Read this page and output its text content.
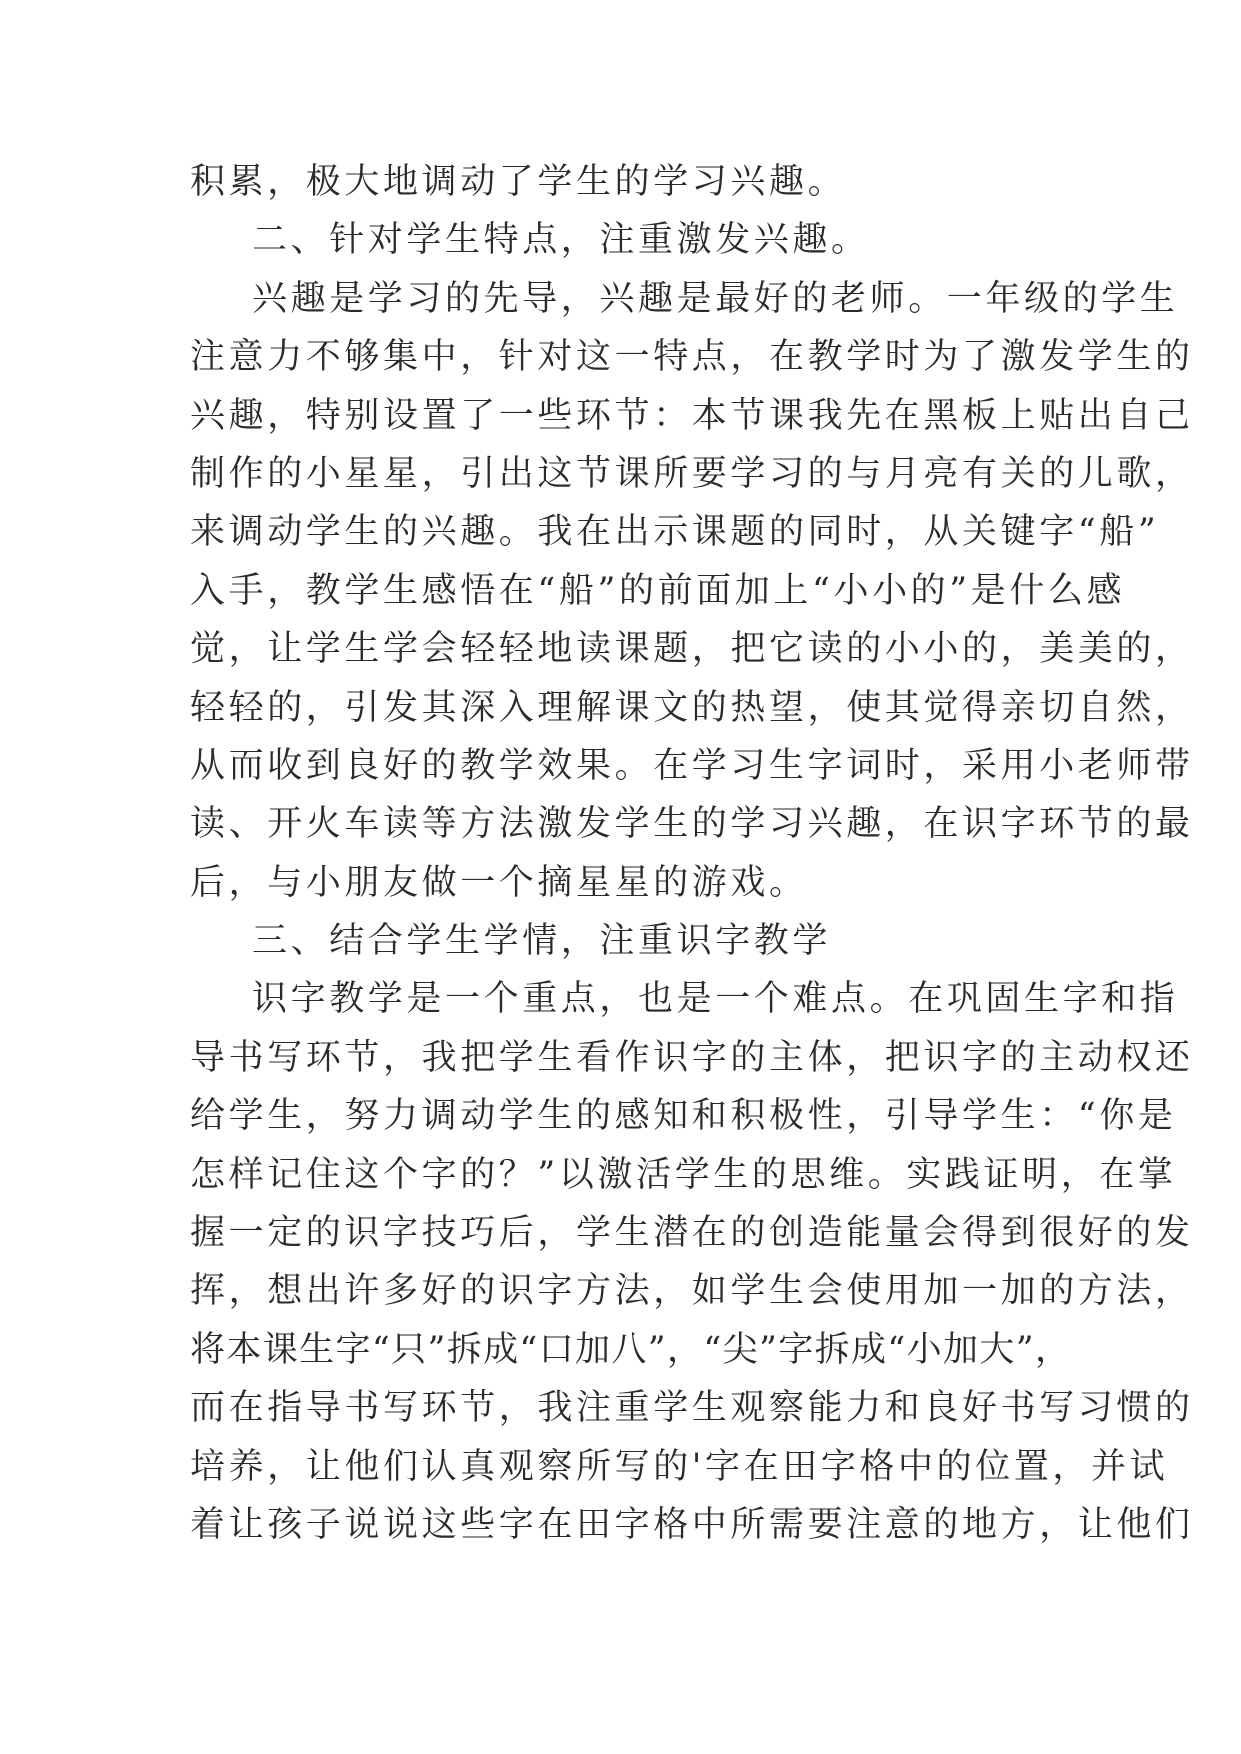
积累，极大地调动了学生的学习兴趣。
二、针对学生特点，注重激发兴趣。
兴趣是学习的先导，兴趣是最好的老师。一年级的学生
注意力不够集中，针对这一特点，在教学时为了激发学生的
兴趣，特别设置了一些环节：本节课我先在黑板上贴出自己
制作的小星星，引出这节课所要学习的与月亮有关的儿歌，
来调动学生的兴趣。我在出示课题的同时，从关键字“船”
入手，教学生感悟在“船”的前面加上“小小的”是什么感
觉，让学生学会轻轻地读课题，把它读的小小的，美美的，
轻轻的，引发其深入理解课文的热望，使其觉得亲切自然，
从而收到良好的教学效果。在学习生字词时，采用小老师带
读、开火车读等方法激发学生的学习兴趣，在识字环节的最
后，与小朋友做一个摘星星的游戏。
三、结合学生学情，注重识字教学
识字教学是一个重点，也是一个难点。在巩固生字和指
导书写环节，我把学生看作识字的主体，把识字的主动权还
给学生，努力调动学生的感知和积极性，引导学生：“你是
怎样记住这个字的？”以激活学生的思维。实践证明，在掌
握一定的识字技巧后，学生潜在的创造能量会得到很好的发
挥，想出许多好的识字方法，如学生会使用加一加的方法，
将本课生字“只”拆成“口加八”，“尖”字拆成“小加大”，
而在指导书写环节，我注重学生观察能力和良好书写习惯的
培养，让他们认真观察所写的'字在田字格中的位置，并试
着让孩子说说这些字在田字格中所需要注意的地方，让他们
